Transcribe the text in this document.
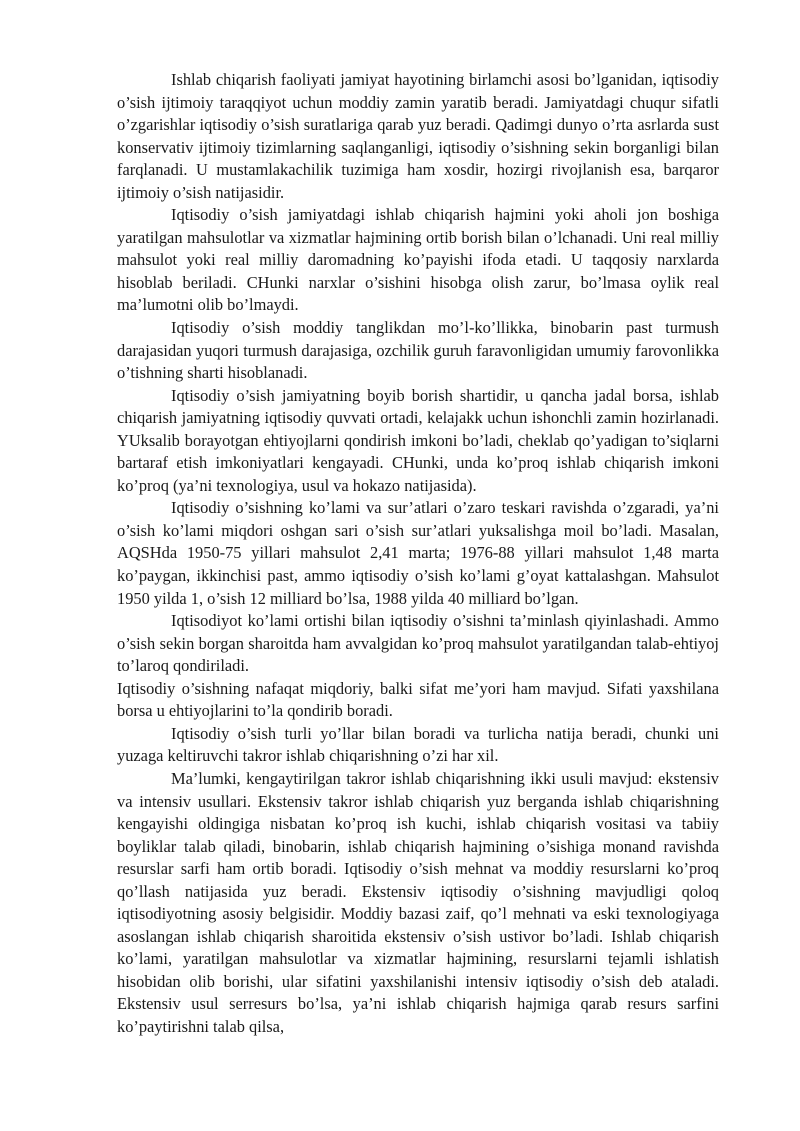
Ishlab chiqarish faoliyati jamiyat hayotining birlamchi asosi bo’lganidan, iqtisodiy o’sish ijtimoiy taraqqiyot uchun moddiy zamin yaratib beradi. Jamiyatdagi chuqur sifatli o’zgarishlar iqtisodiy o’sish suratlariga qarab yuz beradi. Qadimgi dunyo o’rta asrlarda sust konservativ ijtimoiy tizimlarning saqlanganligi, iqtisodiy o’sishning sekin borganligi bilan farqlanadi. U mustamlakachilik tuzimiga ham xosdir, hozirgi rivojlanish esa, barqaror ijtimoiy o’sish natijasidir.

Iqtisodiy o’sish jamiyatdagi ishlab chiqarish hajmini yoki aholi jon boshiga yaratilgan mahsulotlar va xizmatlar hajmining ortib borish bilan o’lchanadi. Uni real milliy mahsulot yoki real milliy daromadning ko’payishi ifoda etadi. U taqqosiy narxlarda hisoblab beriladi. CHunki narxlar o’sishini hisobga olish zarur, bo’lmasa oylik real ma’lumotni olib bo’lmaydi.

Iqtisodiy o’sish moddiy tanglikdan mo’l-ko’llikka, binobarin past turmush darajasidan yuqori turmush darajasiga, ozchilik guruh faravonligidan umumiy farovonlikka o’tishning sharti hisoblanadi.

Iqtisodiy o’sish jamiyatning boyib borish shartidir, u qancha jadal borsa, ishlab chiqarish jamiyatning iqtisodiy quvvati ortadi, kelajakk uchun ishonchli zamin hozirlanadi. YUksalib borayotgan ehtiyojlarni qondirish imkoni bo’ladi, cheklab qo’yadigan to’siqlarni bartaraf etish imkoniyatlari kengayadi. CHunki, unda ko’proq ishlab chiqarish imkoni ko’proq (ya’ni texnologiya, usul va hokazo natijasida).

Iqtisodiy o’sishning ko’lami va sur’atlari o’zaro teskari ravishda o’zgaradi, ya’ni o’sish ko’lami miqdori oshgan sari o’sish sur’atlari yuksalishga moil bo’ladi. Masalan, AQSHda 1950-75 yillari mahsulot 2,41 marta; 1976-88 yillari mahsulot 1,48 marta ko’paygan, ikkinchisi past, ammo iqtisodiy o’sish ko’lami g’oyat kattalashgan. Mahsulot 1950 yilda 1, o’sish 12 milliard bo’lsa, 1988 yilda 40 milliard bo’lgan.

Iqtisodiyot ko’lami ortishi bilan iqtisodiy o’sishni ta’minlash qiyinlashadi. Ammo o’sish sekin borgan sharoitda ham avvalgidan ko’proq mahsulot yaratilgandan talab-ehtiyoj to’laroq qondiriladi.

Iqtisodiy o’sishning nafaqat miqdoriy, balki sifat me’yori ham mavjud. Sifati yaxshilana borsa u ehtiyojlarini to’la qondirib boradi.

Iqtisodiy o’sish turli yo’llar bilan boradi va turlicha natija beradi, chunki uni yuzaga keltiruvchi takror ishlab chiqarishning o’zi har xil.

Ma’lumki, kengaytirilgan takror ishlab chiqarishning ikki usuli mavjud: ekstensiv va intensiv usullari. Ekstensiv takror ishlab chiqarish yuz berganda ishlab chiqarishning kengayishi oldingiga nisbatan ko’proq ish kuchi, ishlab chiqarish vositasi va tabiiy boyliklar talab qiladi, binobarin, ishlab chiqarish hajmining o’sishiga monand ravishda resurslar sarfi ham ortib boradi. Iqtisodiy o’sish mehnat va moddiy resurslarni ko’proq qo’llash natijasida yuz beradi. Ekstensiv iqtisodiy o’sishning mavjudligi qoloq iqtisodiyotning asosiy belgisidir. Moddiy bazasi zaif, qo’l mehnati va eski texnologiyaga asoslangan ishlab chiqarish sharoitida ekstensiv o’sish ustivor bo’ladi. Ishlab chiqarish ko’lami, yaratilgan mahsulotlar va xizmatlar hajmining, resurslarni tejamli ishlatish hisobidan olib borishi, ular sifatini yaxshilanishi intensiv iqtisodiy o’sish deb ataladi. Ekstensiv usul serresurs bo’lsa, ya’ni ishlab chiqarish hajmiga qarab resurs sarfini ko’paytirishni talab qilsa,
